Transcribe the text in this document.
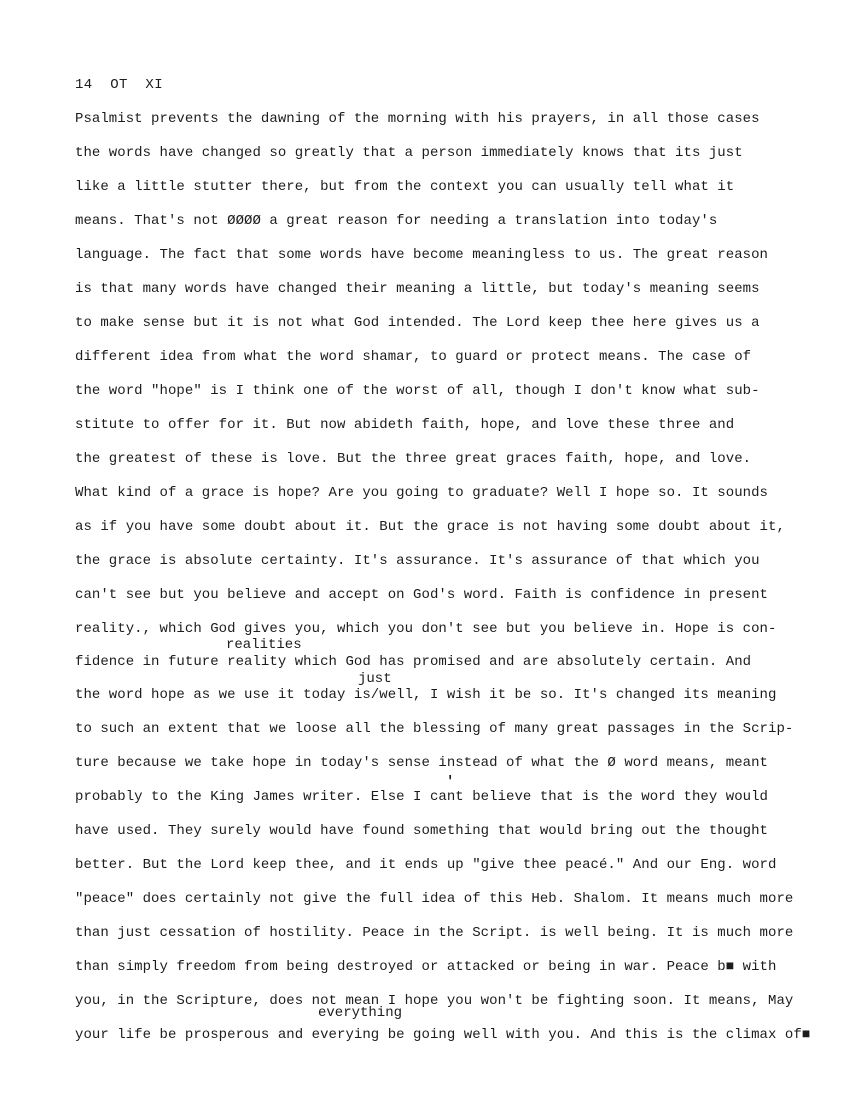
14  OT  XI
Psalmist prevents the dawning of the morning with his prayers, in all those cases
the words have changed so greatly that a person immediately knows that its just
like a little stutter there, but from the context you can usually tell what it
means. That's not ØØØØ a great reason for needing a translation into today's
language. The fact that some words have become meaningless to us. The great reason
is that many words have changed their meaning a little, but today's meaning seems
to make sense but it is not what God intended. The Lord keep thee here gives us a
different idea from what the word shamar, to guard or protect means. The case of
the word "hope" is I think one of the worst of all, though I don't know what sub-
stitute to offer for it. But now abideth faith, hope, and love these three and
the greatest of these is love. But the three great graces faith, hope, and love.
What kind of a grace is hope? Are you going to graduate? Well I hope so. It sounds
as if you have some doubt about it. But the grace is not having some doubt about it,
the grace is absolute certainty. It's assurance. It's assurance of that which you
can't see but you believe and accept on God's word. Faith is confidence in present
reality., which God gives you, which you don't see but you believe in. Hope is con-
fidence in future reality which God has promised and are absolutely certain. And
the word hope as we use it today is/well, I wish it be so. It's changed its meaning
to such an extent that we loose all the blessing of many great passages in the Scrip-
ture because we take hope in today's sense instead of what the Ø word means, meant
probably to the King James writer. Else I cant believe that is the word they would
have used. They surely would have found something that would bring out the thought
better. But the Lord keep thee, and it ends up "give thee peacé." And our Eng. word
"peace" does certainly not give the full idea of this Heb. Shalom. It means much more
than just cessation of hostility. Peace in the Script. is well being. It is much more
than simply freedom from being destroyed or attacked or being in war. Peace b■ with
you, in the Scripture, does not mean I hope you won't be fighting soon. It means, May
your life be prosperous and everying be going well with you. And this is the climax of■
realities
just
'
everything
